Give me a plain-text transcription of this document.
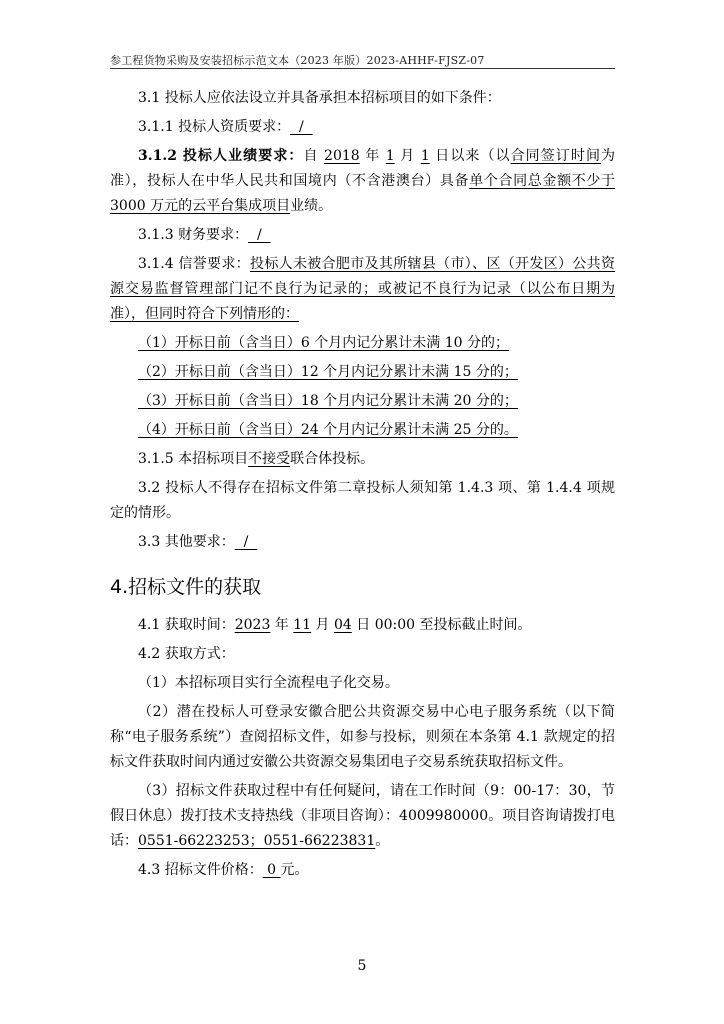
参工程货物采购及安装招标示范文本（2023 年版）2023-AHHF-FJSZ-07
3.1 投标人应依法设立并具备承担本招标项目的如下条件：
3.1.1 投标人资质要求：  /
3.1.2 投标人业绩要求：自 2018 年 1 月 1 日以来（以合同签订时间为准），投标人在中华人民共和国境内（不含港澳台）具备单个合同总金额不少于 3000 万元的云平台集成项目业绩。
3.1.3 财务要求：  /
3.1.4 信誉要求：投标人未被合肥市及其所辖县（市）、区（开发区）公共资源交易监督管理部门记不良行为记录的；或被记不良行为记录（以公布日期为准），但同时符合下列情形的：
（1）开标日前（含当日）6 个月内记分累计未满 10 分的；
（2）开标日前（含当日）12 个月内记分累计未满 15 分的；
（3）开标日前（含当日）18 个月内记分累计未满 20 分的；
（4）开标日前（含当日）24 个月内记分累计未满 25 分的。
3.1.5 本招标项目不接受联合体投标。
3.2 投标人不得存在招标文件第二章投标人须知第 1.4.3 项、第 1.4.4 项规定的情形。
3.3 其他要求：  /
4.招标文件的获取
4.1 获取时间：2023 年 11 月 04 日 00:00 至投标截止时间。
4.2 获取方式：
（1）本招标项目实行全流程电子化交易。
（2）潜在投标人可登录安徽合肥公共资源交易中心电子服务系统（以下简称“电子服务系统”）查阅招标文件，如参与投标，则须在本条第 4.1 款规定的招标文件获取时间内通过安徽公共资源交易集团电子交易系统获取招标文件。
（3）招标文件获取过程中有任何疑问，请在工作时间（9：00-17：30，节假日休息）拨打技术支持热线（非项目咨询）：4009980000。项目咨询请拨打电话：0551-66223253；0551-66223831。
4.3 招标文件价格： 0 元。
5
